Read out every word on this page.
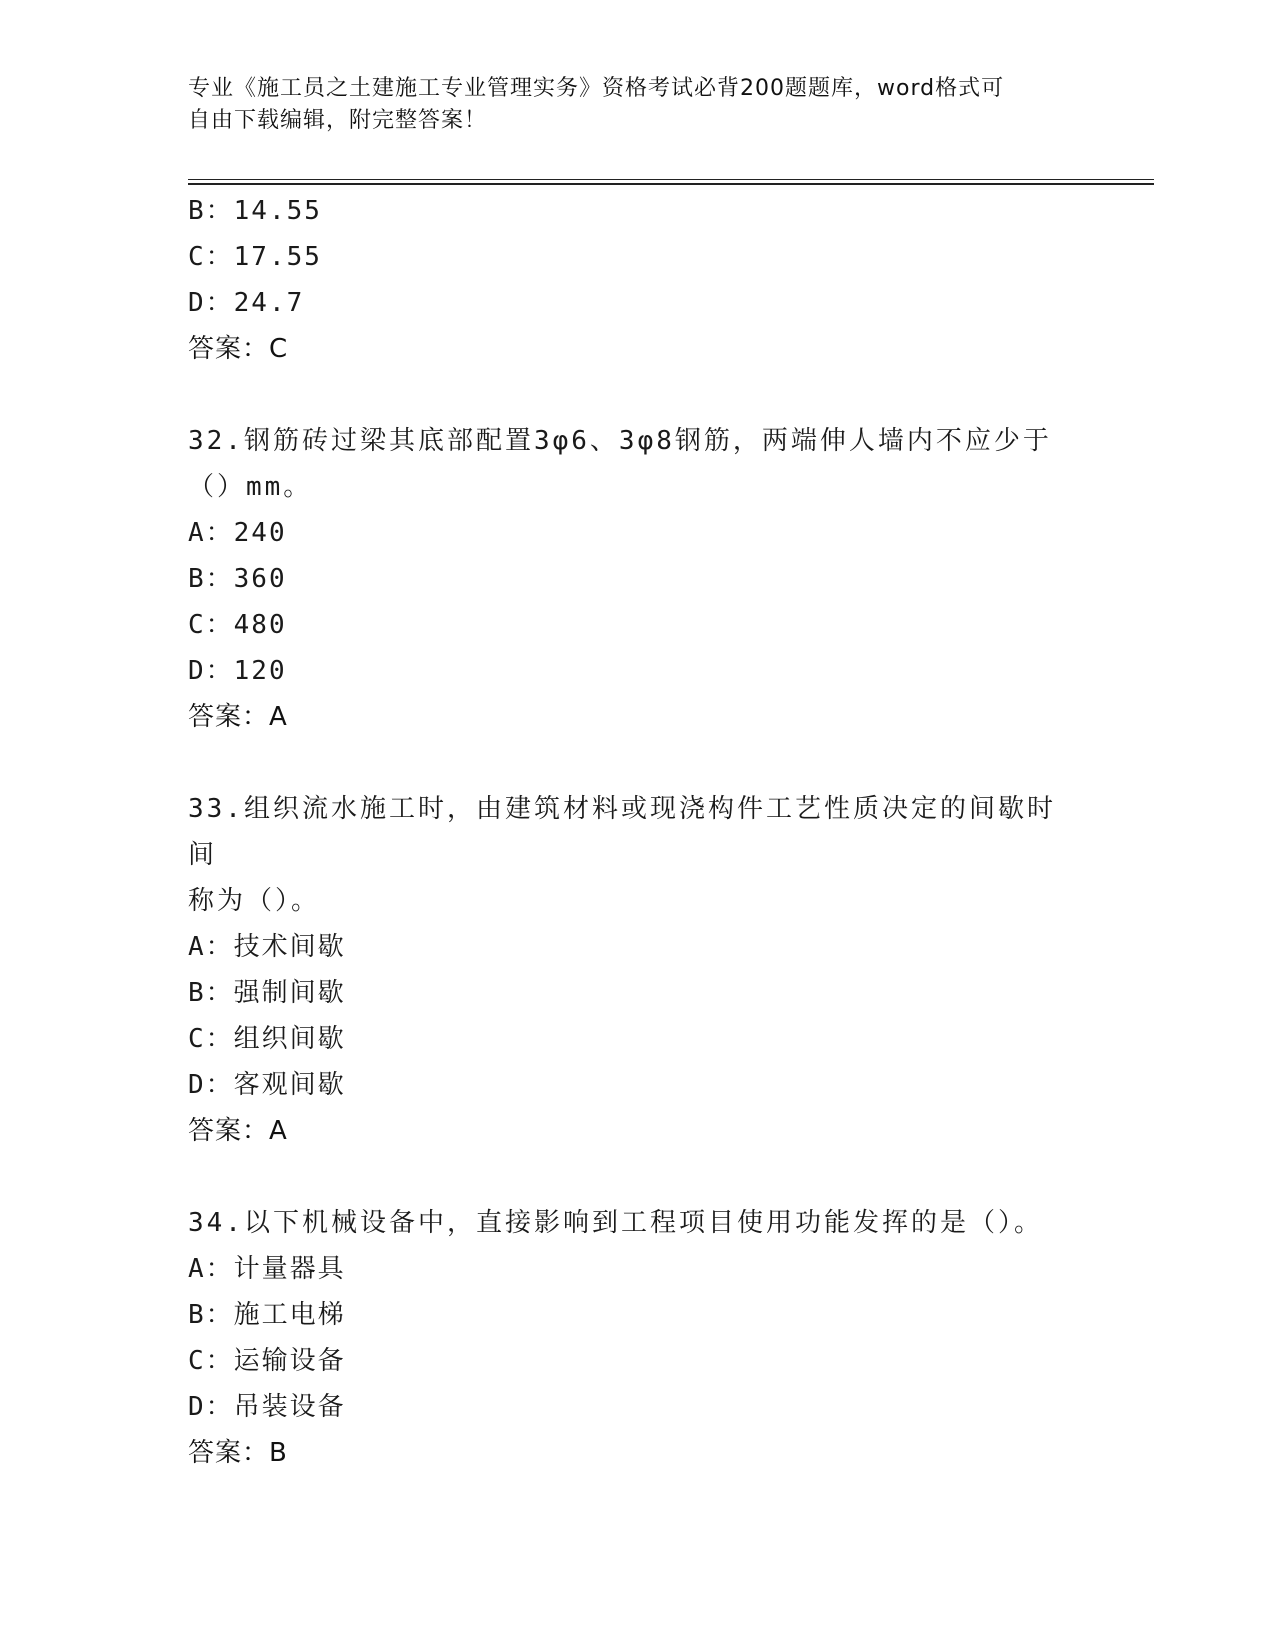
专业《施工员之土建施工专业管理实务》资格考试必背200题题库，word格式可
自由下载编辑，附完整答案！
B：14.55
C：17.55
D：24.7
答案：C
32.钢筋砖过梁其底部配置3φ6、3φ8钢筋，两端伸人墙内不应少于
（）mm。
A：240
B：360
C：480
D：120
答案：A
33.组织流水施工时，由建筑材料或现浇构件工艺性质决定的间歇时间
称为（）。
A：技术间歇
B：强制间歇
C：组织间歇
D：客观间歇
答案：A
34.以下机械设备中，直接影响到工程项目使用功能发挥的是（）。
A：计量器具
B：施工电梯
C：运输设备
D：吊装设备
答案：B
